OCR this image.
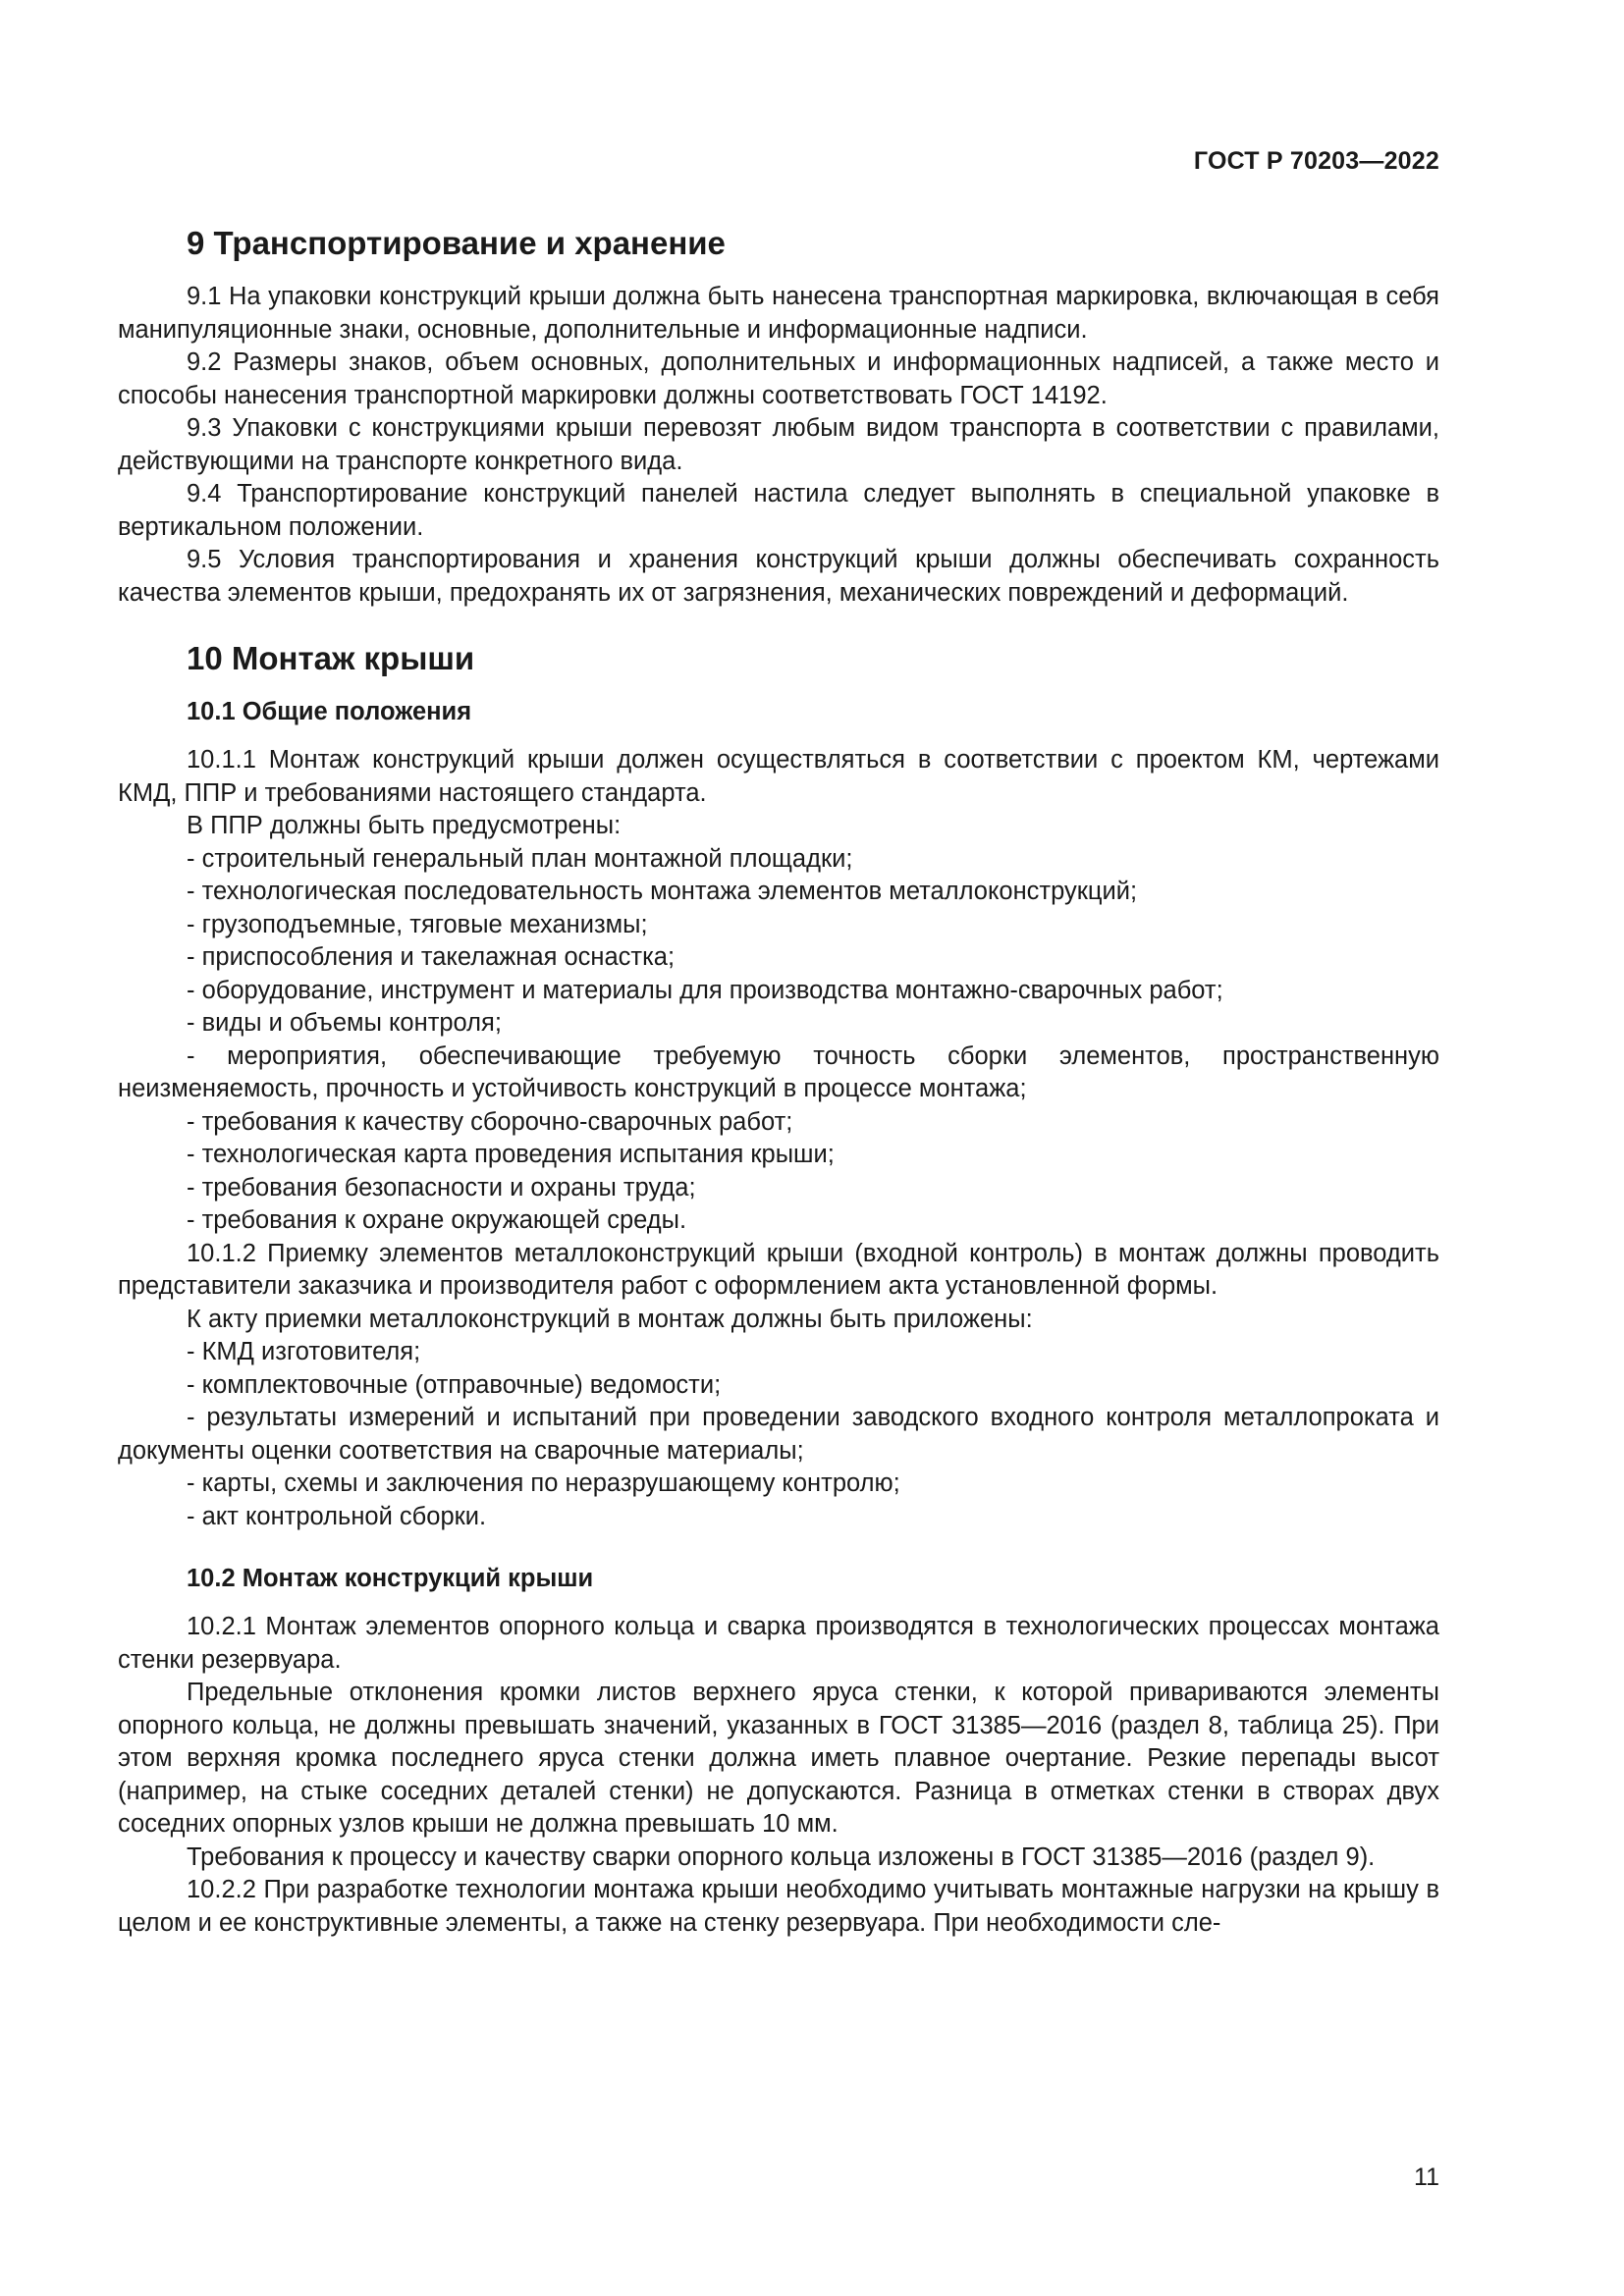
ГОСТ Р 70203—2022
9 Транспортирование и хранение

9.1 На упаковки конструкций крыши должна быть нанесена транспортная маркировка, включающая в себя манипуляционные знаки, основные, дополнительные и информационные надписи.

9.2 Размеры знаков, объем основных, дополнительных и информационных надписей, а также место и способы нанесения транспортной маркировки должны соответствовать ГОСТ 14192.

9.3 Упаковки с конструкциями крыши перевозят любым видом транспорта в соответствии с правилами, действующими на транспорте конкретного вида.

9.4 Транспортирование конструкций панелей настила следует выполнять в специальной упаковке в вертикальном положении.

9.5 Условия транспортирования и хранения конструкций крыши должны обеспечивать сохранность качества элементов крыши, предохранять их от загрязнения, механических повреждений и деформаций.

10 Монтаж крыши
10.1 Общие положения

10.1.1 Монтаж конструкций крыши должен осуществляться в соответствии с проектом КМ, чертежами КМД, ППР и требованиями настоящего стандарта.

В ППР должны быть предусмотрены:

- строительный генеральный план монтажной площадки;
- технологическая последовательность монтажа элементов металлоконструкций;
- грузоподъемные, тяговые механизмы;
- приспособления и такелажная оснастка;
- оборудование, инструмент и материалы для производства монтажно-сварочных работ;
- виды и объемы контроля;
- мероприятия, обеспечивающие требуемую точность сборки элементов, пространственную неизменяемость, прочность и устойчивость конструкций в процессе монтажа;
- требования к качеству сборочно-сварочных работ;
- технологическая карта проведения испытания крыши;
- требования безопасности и охраны труда;
- требования к охране окружающей среды.

10.1.2 Приемку элементов металлоконструкций крыши (входной контроль) в монтаж должны проводить представители заказчика и производителя работ с оформлением акта установленной формы.

К акту приемки металлоконструкций в монтаж должны быть приложены:

- КМД изготовителя;
- комплектовочные (отправочные) ведомости;
- результаты измерений и испытаний при проведении заводского входного контроля металлопроката и документы оценки соответствия на сварочные материалы;
- карты, схемы и заключения по неразрушающему контролю;
- акт контрольной сборки.
10.2 Монтаж конструкций крыши

10.2.1 Монтаж элементов опорного кольца и сварка производятся в технологических процессах монтажа стенки резервуара.

Предельные отклонения кромки листов верхнего яруса стенки, к которой привариваются элементы опорного кольца, не должны превышать значений, указанных в ГОСТ 31385—2016 (раздел 8, таблица 25). При этом верхняя кромка последнего яруса стенки должна иметь плавное очертание. Резкие перепады высот (например, на стыке соседних деталей стенки) не допускаются. Разница в отметках стенки в створах двух соседних опорных узлов крыши не должна превышать 10 мм.

Требования к процессу и качеству сварки опорного кольца изложены в ГОСТ 31385—2016 (раздел 9).

10.2.2 При разработке технологии монтажа крыши необходимо учитывать монтажные нагрузки на крышу в целом и ее конструктивные элементы, а также на стенку резервуара. При необходимости сле-

11
